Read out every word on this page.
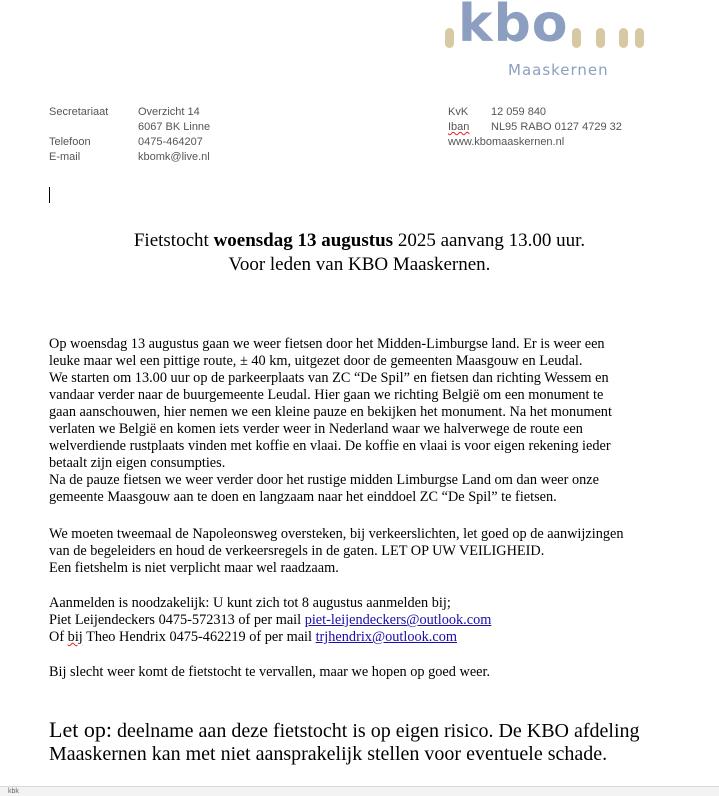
kbo
Maaskernen
Secretariaat	Overzicht 14
6067 BK Linne
Telefoon	0475-464207
E-mail	kbomk@live.nl
KvK 12 059 840
Iban NL95 RABO 0127 4729 32
www.kbomaaskernen.nl
Fietstocht woensdag 13 augustus 2025 aanvang 13.00 uur.
Voor leden van KBO Maaskernen.

Op woensdag 13 augustus gaan we weer fietsen door het Midden-Limburgse land. Er is weer een

leuke maar wel een pittige route, ± 40 km, uitgezet door de gemeenten Maasgouw en Leudal.

We starten om 13.00 uur op de parkeerplaats van ZC “De Spil” en fietsen dan richting Wessem en

vandaar verder naar de buurgemeente Leudal. Hier gaan we richting België om een monument te

gaan aanschouwen, hier nemen we een kleine pauze en bekijken het monument. Na het monument

verlaten we België en komen iets verder weer in Nederland waar we halverwege de route een

welverdiende rustplaats vinden met koffie en vlaai. De koffie en vlaai is voor eigen rekening ieder

betaalt zijn eigen consumpties.

Na de pauze fietsen we weer verder door het rustige midden Limburgse Land om dan weer onze

gemeente Maasgouw aan te doen en langzaam naar het einddoel ZC “De Spil” te fietsen.

We moeten tweemaal de Napoleonsweg oversteken, bij verkeerslichten, let goed op de aanwijzingen

van de begeleiders en houd de verkeersregels in de gaten. LET OP UW VEILIGHEID.

Een fietshelm is niet verplicht maar wel raadzaam.

Aanmelden is noodzakelijk: U kunt zich tot 8 augustus aanmelden bij;

Piet Leijendeckers 0475-572313 of per mail piet-leijendeckers@outlook.com

Of bij Theo Hendrix 0475-462219 of per mail trjhendrix@outlook.com

Bij slecht weer komt de fietstocht te vervallen, maar we hopen op goed weer.

Let op: deelname aan deze fietstocht is op eigen risico. De KBO afdeling

Maaskernen kan met niet aansprakelijk stellen voor eventuele schade.

kbk
